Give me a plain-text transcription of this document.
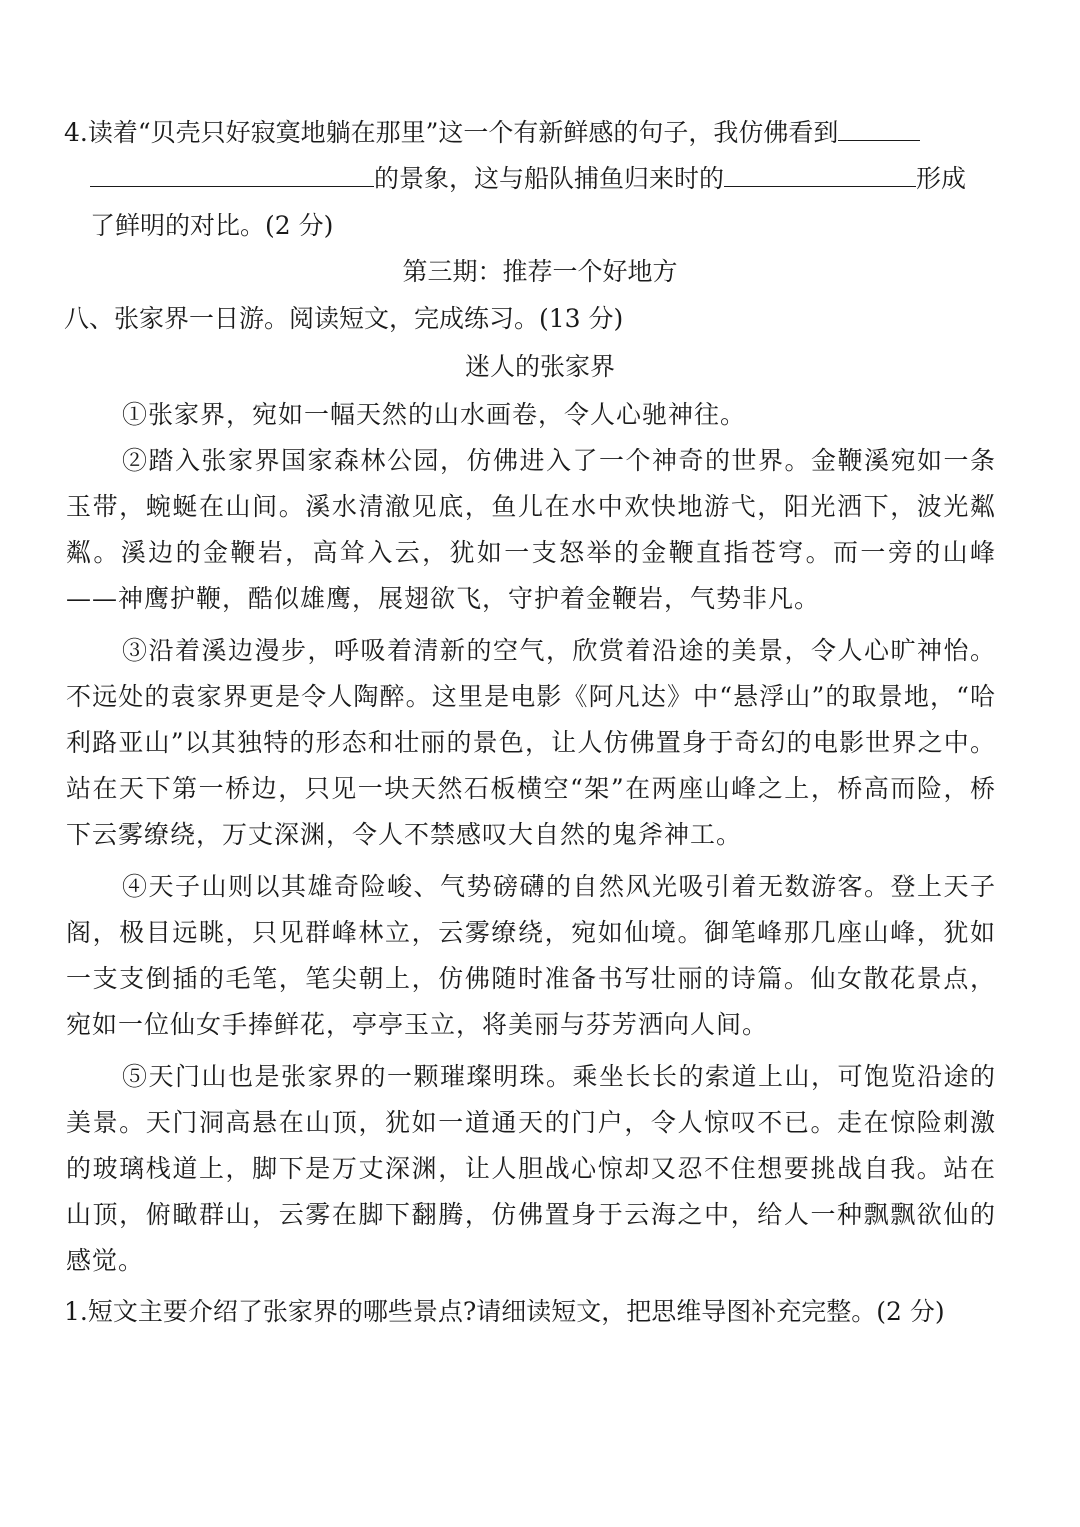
4.读着“贝壳只好寂寞地躺在那里”这一个有新鲜感的句子，我仿佛看到
的景象，这与船队捕鱼归来时的	形成
了鲜明的对比。(2 分)
第三期：推荐一个好地方
八、张家界一日游。阅读短文，完成练习。(13 分)
迷人的张家界

①张家界，宛如一幅天然的山水画卷，令人心驰神往。

②踏入张家界国家森林公园，仿佛进入了一个神奇的世界。金鞭溪宛如一条玉带，蜿蜒在山间。溪水清澈见底，鱼儿在水中欢快地游弋，阳光洒下，波光粼粼。溪边的金鞭岩，高耸入云，犹如一支怒举的金鞭直指苍穹。而一旁的山峰——神鹰护鞭，酷似雄鹰，展翅欲飞，守护着金鞭岩，气势非凡。

③沿着溪边漫步，呼吸着清新的空气，欣赏着沿途的美景，令人心旷神怡。不远处的袁家界更是令人陶醉。这里是电影《阿凡达》中“悬浮山”的取景地，“哈利路亚山”以其独特的形态和壮丽的景色，让人仿佛置身于奇幻的电影世界之中。站在天下第一桥边，只见一块天然石板横空“架”在两座山峰之上，桥高而险，桥下云雾缭绕，万丈深渊，令人不禁感叹大自然的鬼斧神工。

④天子山则以其雄奇险峻、气势磅礴的自然风光吸引着无数游客。登上天子阁，极目远眺，只见群峰林立，云雾缭绕，宛如仙境。御笔峰那几座山峰，犹如一支支倒插的毛笔，笔尖朝上，仿佛随时准备书写壮丽的诗篇。仙女散花景点，宛如一位仙女手捧鲜花，亭亭玉立，将美丽与芬芳洒向人间。

⑤天门山也是张家界的一颗璀璨明珠。乘坐长长的索道上山，可饱览沿途的美景。天门洞高悬在山顶，犹如一道通天的门户，令人惊叹不已。走在惊险刺激的玻璃栈道上，脚下是万丈深渊，让人胆战心惊却又忍不住想要挑战自我。站在山顶，俯瞰群山，云雾在脚下翻腾，仿佛置身于云海之中，给人一种飘飘欲仙的感觉。

1.短文主要介绍了张家界的哪些景点?请细读短文，把思维导图补充完整。(2 分)
